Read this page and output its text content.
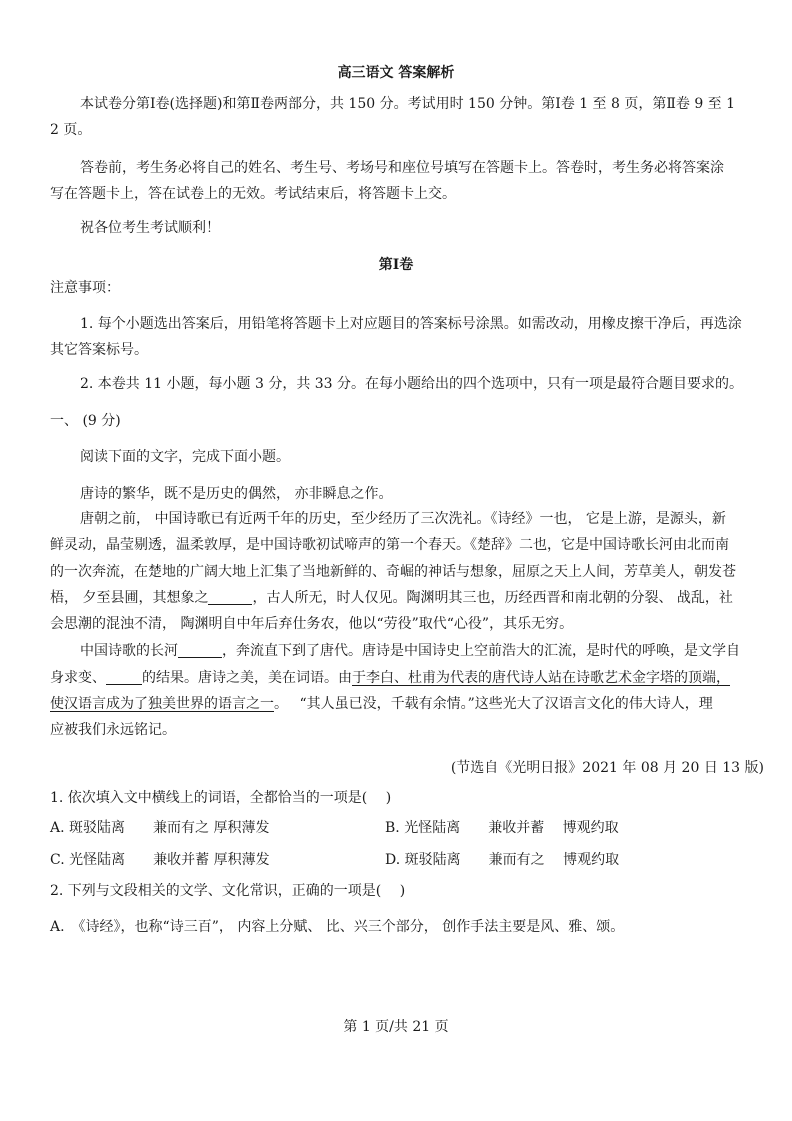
高三语文 答案解析
本试卷分第Ⅰ卷(选择题)和第Ⅱ卷两部分，共 150 分。考试用时 150 分钟。第Ⅰ卷 1 至 8 页，第Ⅱ卷 9 至 1
2 页。
答卷前，考生务必将自己的姓名、考生号、考场号和座位号填写在答题卡上。答卷时，考生务必将答案涂
写在答题卡上，答在试卷上的无效。考试结束后，将答题卡上交。
祝各位考生考试顺利！
第Ⅰ卷
注意事项：
1. 每个小题选出答案后，用铅笔将答题卡上对应题目的答案标号涂黑。如需改动，用橡皮擦干净后，再选涂
其它答案标号。
2. 本卷共 11 小题，每小题 3 分，共 33 分。在每小题给出的四个选项中，只有一项是最符合题目要求的。
一、 (9 分)
阅读下面的文字，完成下面小题。
唐诗的繁华，既不是历史的偶然， 亦非瞬息之作。
唐朝之前， 中国诗歌已有近两千年的历史，至少经历了三次洗礼。《诗经》一也， 它是上游，是源头，新
鲜灵动，晶莹剔透，温柔敦厚，是中国诗歌初试啼声的第一个春天。《楚辞》二也，它是中国诗歌长河由北而南
的一次奔流，在楚地的广阔大地上汇集了当地新鲜的、奇崛的神话与想象，屈原之天上人间，芳草美人，朝发苍
梧， 夕至县圃，其想象之	，古人所无，时人仅见。陶渊明其三也，历经西晋和南北朝的分裂、 战乱，社
会思潮的混浊不清， 陶渊明自中年后弃仕务农，他以“劳役”取代“心役”，其乐无穷。
中国诗歌的长河	，奔流直下到了唐代。唐诗是中国诗史上空前浩大的汇流，是时代的呼唤，是文学自
身求变、	的结果。唐诗之美，美在词语。由于李白、杜甫为代表的唐代诗人站在诗歌艺术金字塔的顶端，
使汉语言成为了独美世界的语言之一。　 “其人虽已没，千载有余情。”这些光大了汉语言文化的伟大诗人，理
应被我们永远铭记。
(节选自《光明日报》2021 年 08 月 20 日 13 版)
1. 依次填入文中横线上的词语，全都恰当的一项是(　 )
A. 斑驳陆离　　兼而有之 厚积薄发	B. 光怪陆离　　兼收并蓄　 博观约取
C. 光怪陆离　　兼收并蓄 厚积薄发	D. 斑驳陆离　　兼而有之　 博观约取
2. 下列与文段相关的文学、文化常识，正确的一项是(　 )
A.　《诗经》，也称“诗三百”， 内容上分赋、 比、兴三个部分， 创作手法主要是风、雅、颂。
第 1 页/共 21 页
